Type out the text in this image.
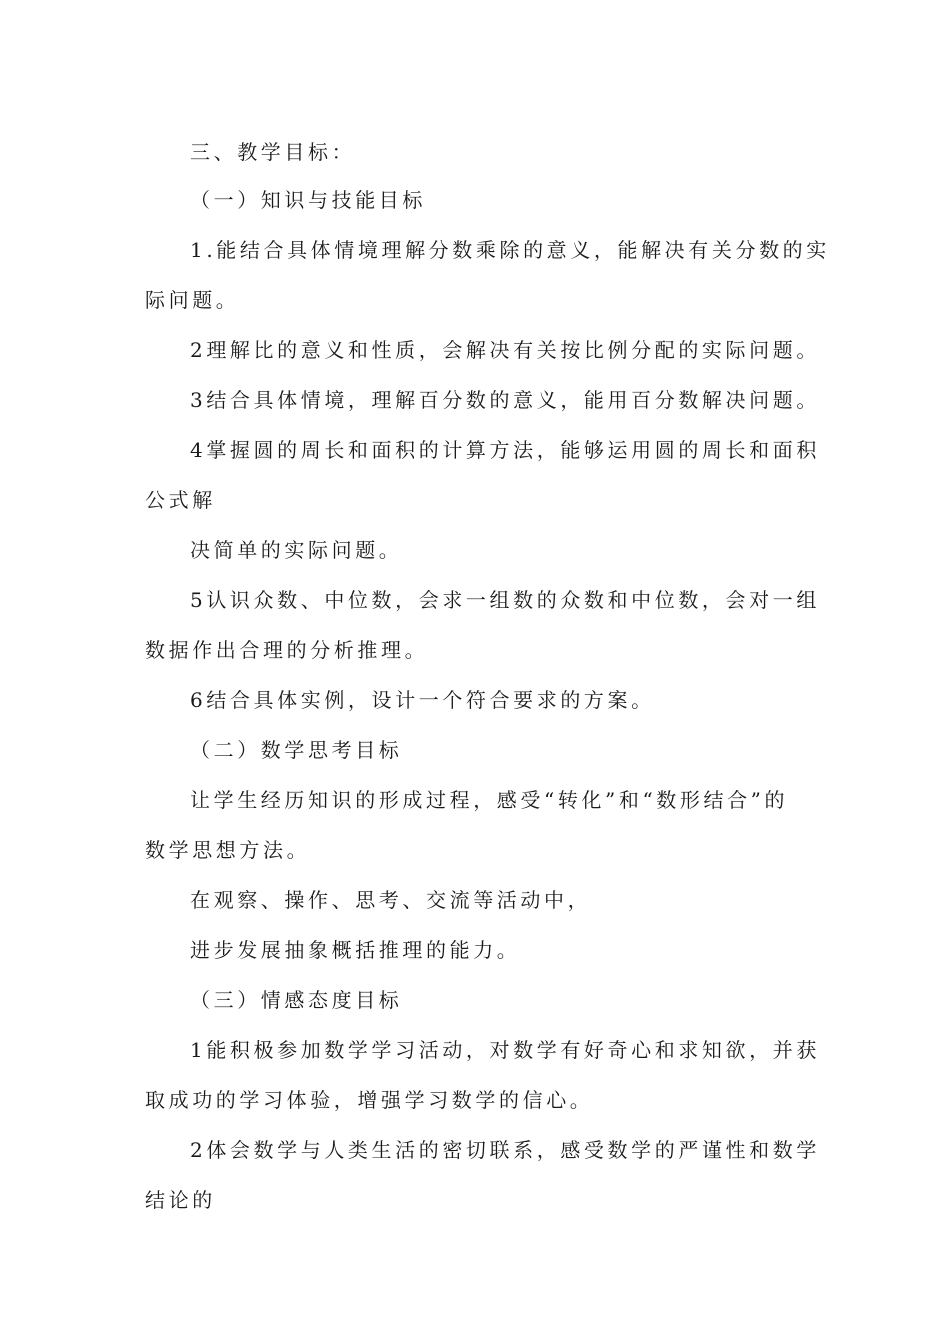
三、教学目标：
（一）知识与技能目标
1.能结合具体情境理解分数乘除的意义，能解决有关分数的实
际问题。
2理解比的意义和性质，会解决有关按比例分配的实际问题。
3结合具体情境，理解百分数的意义，能用百分数解决问题。
4掌握圆的周长和面积的计算方法，能够运用圆的周长和面积
公式解
决简单的实际问题。
5认识众数、中位数，会求一组数的众数和中位数，会对一组
数据作出合理的分析推理。
6结合具体实例，设计一个符合要求的方案。
（二）数学思考目标
让学生经历知识的形成过程，感受“转化”和“数形结合”的
数学思想方法。
在观察、操作、思考、交流等活动中，
进步发展抽象概括推理的能力。
（三）情感态度目标
1能积极参加数学学习活动，对数学有好奇心和求知欲，并获
取成功的学习体验，增强学习数学的信心。
2体会数学与人类生活的密切联系，感受数学的严谨性和数学
结论的
